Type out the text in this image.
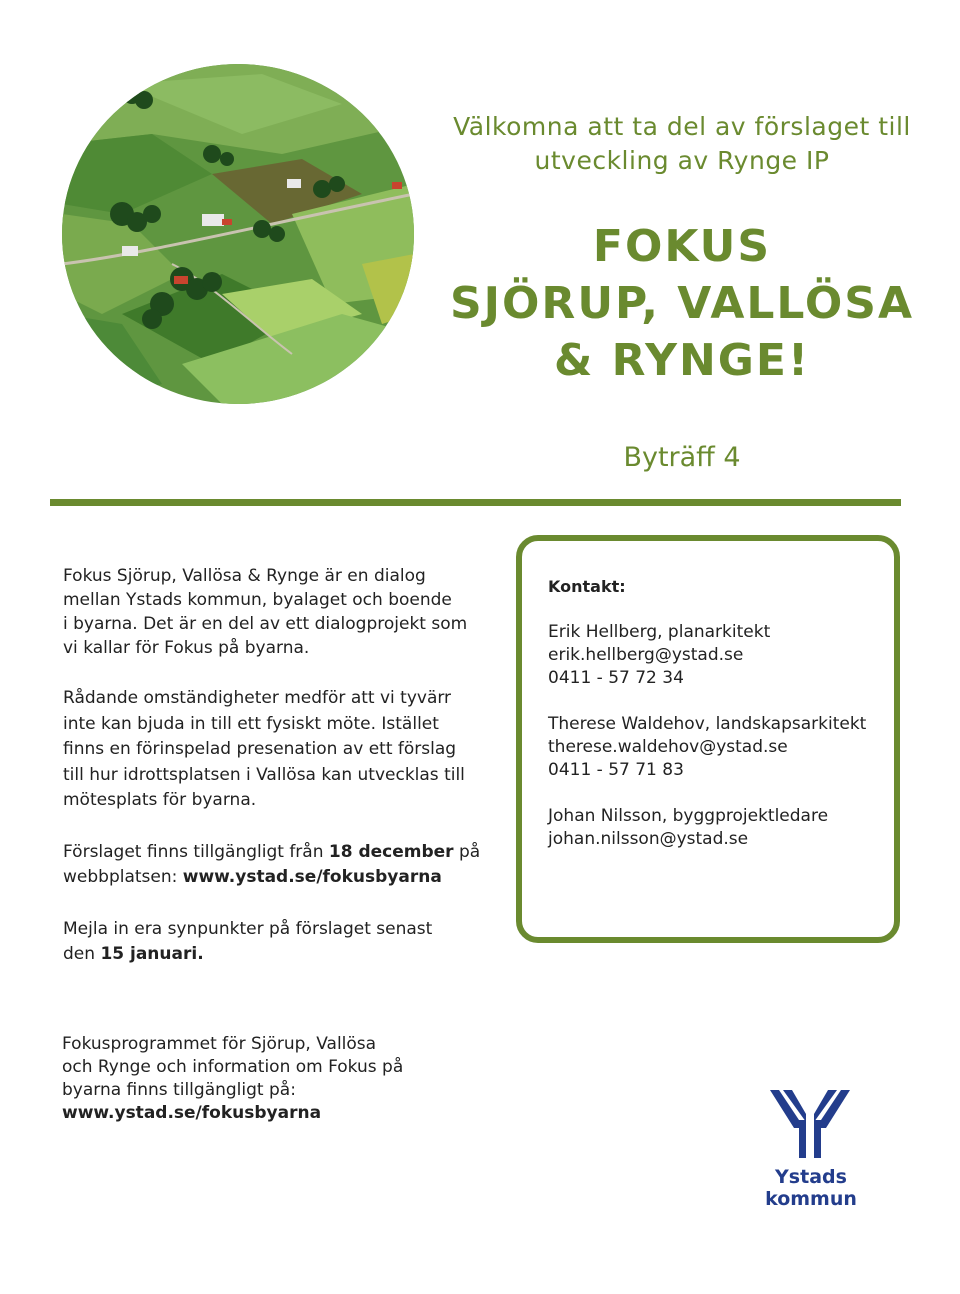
Välkomna att ta del av förslaget till
utveckling av Rynge IP
FOKUS
SJÖRUP, VALLÖSA
& RYNGE!
Byträff 4

Fokus Sjörup, Vallösa & Rynge är en dialog
mellan Ystads kommun, byalaget och boende
i byarna. Det är en del av ett dialogprojekt som
vi kallar för Fokus på byarna.

Rådande omständigheter medför att vi tyvärr
inte kan bjuda in till ett fysiskt möte. Istället
finns en förinspelad presenation av ett förslag
till hur idrottsplatsen i Vallösa kan utvecklas till
mötesplats för byarna.

Förslaget finns tillgängligt från 18 december på
webbplatsen: www.ystad.se/fokusbyarna

Mejla in era synpunkter på förslaget senast
den 15 januari.

Kontakt:
Erik Hellberg, planarkitekt
erik.hellberg@ystad.se
0411 - 57 72 34
Therese Waldehov, landskapsarkitekt
therese.waldehov@ystad.se
0411 - 57 71 83
Johan Nilsson, byggprojektledare
johan.nilsson@ystad.se
Fokusprogrammet för Sjörup, Vallösa
och Rynge och information om Fokus på
byarna finns tillgängligt på:
www.ystad.se/fokusbyarna
Ystads kommun
